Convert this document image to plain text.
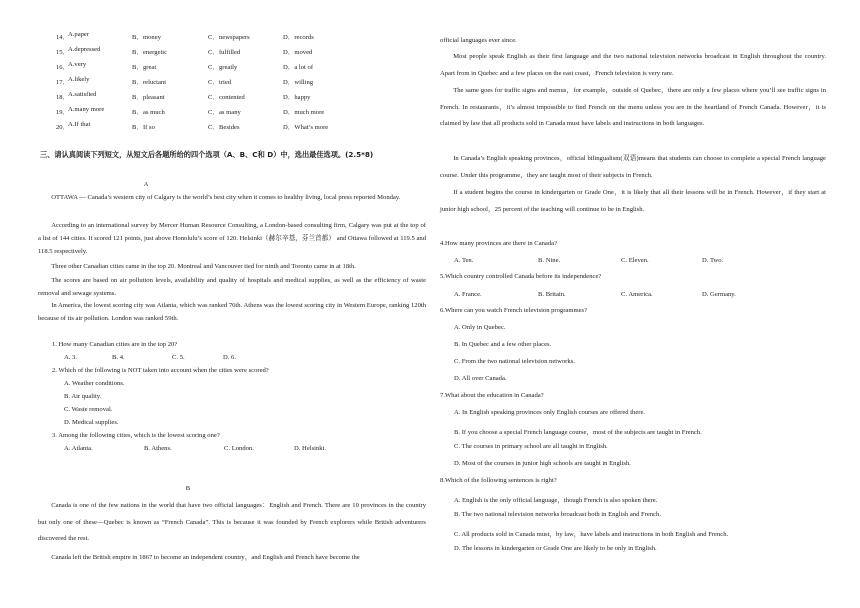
14．
A.paper	B．money	C．newspapers	D．records
15．
A.depressed	B．energetic	C．fulfilled	D．moved
16．
A.very	B．great	C．greatly	D．a lot of
17．
A.likely	B．reluctant	C．tried	D．willing
18．
A.satisfied	B．pleasant	C．contented	D．happy
19．
A.many more	B．as much	C．as many	D．much more
20．
A.If that	B．If so	C．Besides	D．What’s more
三、请认真阅读下列短文，从短文后各题所给的四个选项（A、B、C和 D）中，选出最佳选项。(2.5*8)
A
OTTAWA — Canada’s western city of Calgary is the world’s best city when it comes to healthy living, local press reported Monday.
According to an international survey by Mercer Human Resource Consulting, a London-based consulting firm, Calgary was put at the top of a list of 144 cities. It scored 121 points, just above Honolulu’s score of 120. Helsinki（赫尔辛基，芬兰首都） and Ottawa followed at 119.5 and 118.5 respectively.
Three other Canadian cities came in the top 20. Montreal and Vancouver tied for ninth and Toronto came in at 18th.
The scores are based on air pollution levels, availability and quality of hospitals and medical supplies, as well as the efficiency of waste removal and sewage systems.
In America, the lowest scoring city was Atlanta, which was ranked 76th. Athens was the lowest scoring city in Western Europe, ranking 120th because of its air pollution. London was ranked 59th.
1. How many Canadian cities are in the top 20?
A. 3.	B. 4.	C. 5.	D. 6.
2. Which of the following is NOT taken into account when the cities were scored?
A. Weather conditions.
B. Air quality.
C. Waste removal.
D. Medical supplies.
3. Among the following cities, which is the lowest scoring one?
A. Atlanta.	B. Athens.	C. London.	D. Helsinki.
B
Canada is one of the few nations in the world that have two official languages：English and French. There are 10 provinces in the country but only one of these—Quebec is known as “French Canada”. This is because it was founded by French explorers while British adventurers discovered the rest.
Canada left the British empire in 1867 to become an independent country，and English and French have become the
official languages ever since.
Most people speak English as their first language and the two national television networks broadcast in English throughout the country. Apart from in Quebec and a few places on the east coast，French television is very rare.
The same goes for traffic signs and menus，for example，outside of Quebec，there are only a few places where you’ll see traffic signs in French. In restaurants，it’s almost impossible to find French on the menu unless you are in the heartland of French Canada. However，it is claimed by law that all products sold in Canada must have labels and instructions in both languages.
In Canada’s English speaking provinces，official bilingualism(双语)means that students can choose to complete a special French language course. Under this programme，they are taught most of their subjects in French.
If a student begins the course in kindergarten or Grade One，it is likely that all their lessons will be in French. However，if they start at junior high school，25 percent of the teaching will continue to be in English.
4.How many provinces are there in Canada?
A. Ten.	B. Nine.	C. Eleven.	D. Two.
5.Which country controlled Canada before its independence?
A. France.	B. Britain.	C. America.	D. Germany.
6.Where can you watch French television programmes?
A. Only in Quebec.
B. In Quebec and a few other places.
C. From the two national television networks.
D. All over Canada.
7.What about the education in Canada?
A. In English speaking provinces only English courses are offered there.
B. If you choose a special French language course，most of the subjects are taught in French.
C. The courses in primary school are all taught in English.
D. Most of the courses in junior high schools are taught in English.
8.Which of the following sentences is right?
A. English is the only official language，though French is also spoken there.
B. The two national television networks broadcast both in English and French.
C. All products sold in Canada must，by law，have labels and instructions in both English and French.
D. The lessons in kindergarten or Grade One are likely to be only in English.
